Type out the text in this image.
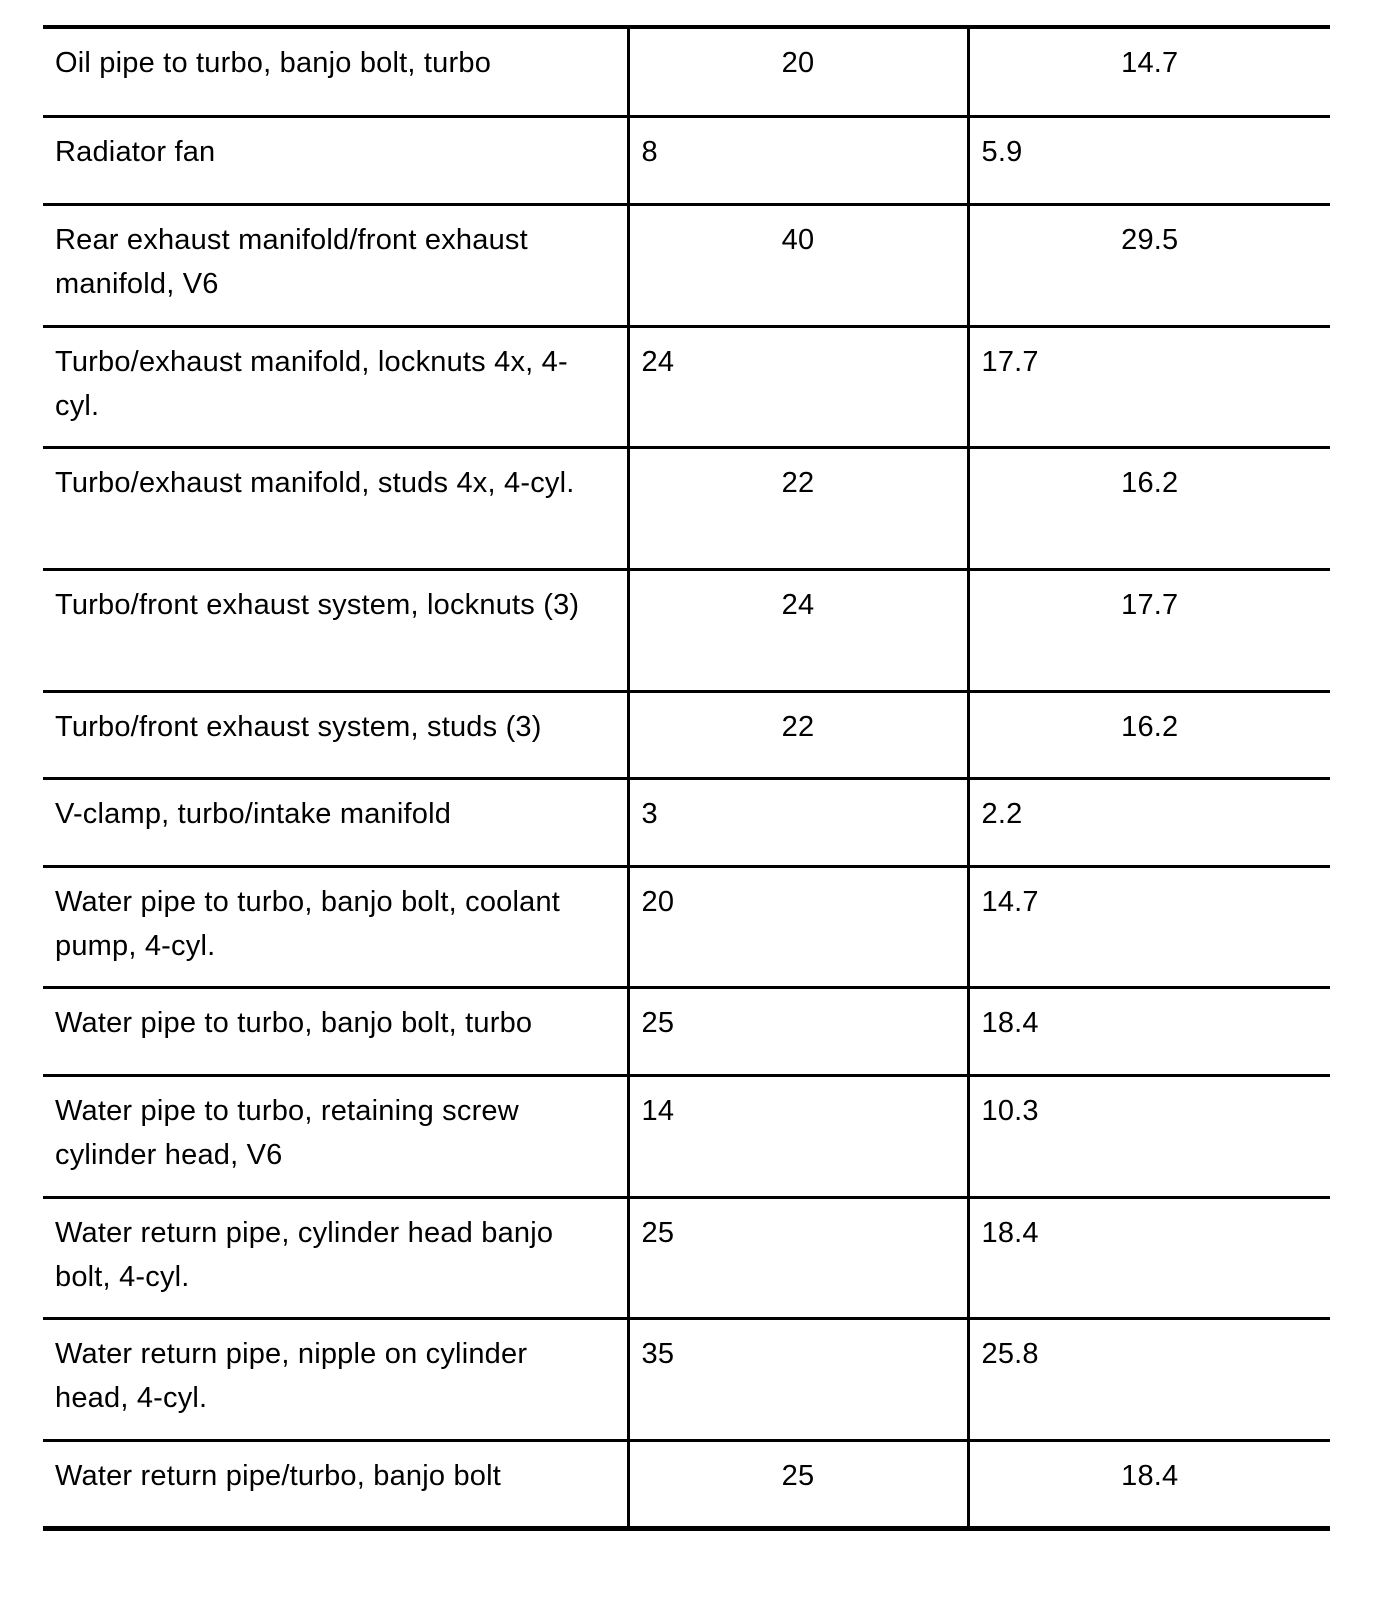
Oil pipe to turbo, banjo bolt, turbo	20	14.7
Radiator fan	8	5.9
Rear exhaust manifold/front exhaust manifold, V6	40	29.5
Turbo/exhaust manifold, locknuts 4x, 4-cyl.	24	17.7
Turbo/exhaust manifold, studs 4x, 4-cyl.	22	16.2
Turbo/front exhaust system, locknuts (3)	24	17.7
Turbo/front exhaust system, studs (3)	22	16.2
V-clamp, turbo/intake manifold	3	2.2
Water pipe to turbo, banjo bolt, coolant pump, 4-cyl.	20	14.7
Water pipe to turbo, banjo bolt, turbo	25	18.4
Water pipe to turbo, retaining screw cylinder head, V6	14	10.3
Water return pipe, cylinder head banjo bolt, 4-cyl.	25	18.4
Water return pipe, nipple on cylinder head, 4-cyl.	35	25.8
Water return pipe/turbo, banjo bolt	25	18.4
